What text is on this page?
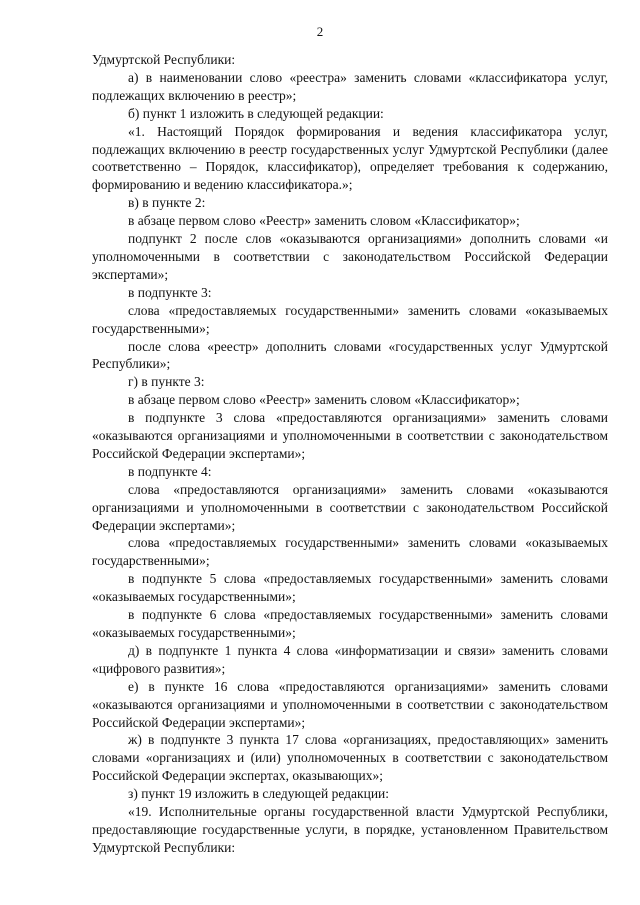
2

Удмуртской Республики:

а) в наименовании слово «реестра» заменить словами «классификатора услуг, подлежащих включению в реестр»;

б) пункт 1 изложить в следующей редакции:

«1. Настоящий Порядок формирования и ведения классификатора услуг, подлежащих включению в реестр государственных услуг Удмуртской Республики (далее соответственно – Порядок, классификатор), определяет требования к содержанию, формированию и ведению классификатора.»;

в) в пункте 2:

в абзаце первом слово «Реестр» заменить словом «Классификатор»;

подпункт 2 после слов «оказываются организациями» дополнить словами «и уполномоченными в соответствии с законодательством Российской Федерации экспертами»;

в подпункте 3:

слова «предоставляемых государственными» заменить словами «оказываемых государственными»;

после слова «реестр» дополнить словами «государственных услуг Удмуртской Республики»;

г) в пункте 3:

в абзаце первом слово «Реестр» заменить словом «Классификатор»;

в подпункте 3 слова «предоставляются организациями» заменить словами «оказываются организациями и уполномоченными в соответствии с законодательством Российской Федерации экспертами»;

в подпункте 4:

слова «предоставляются организациями» заменить словами «оказываются организациями и уполномоченными в соответствии с законодательством Российской Федерации экспертами»;

слова «предоставляемых государственными» заменить словами «оказываемых государственными»;

в подпункте 5 слова «предоставляемых государственными» заменить словами «оказываемых государственными»;

в подпункте 6 слова «предоставляемых государственными» заменить словами «оказываемых государственными»;

д) в подпункте 1 пункта 4 слова «информатизации и связи» заменить словами «цифрового развития»;

е) в пункте 16 слова «предоставляются организациями» заменить словами «оказываются организациями и уполномоченными в соответствии с законодательством Российской Федерации экспертами»;

ж) в подпункте 3 пункта 17 слова «организациях, предоставляющих» заменить словами «организациях и (или) уполномоченных в соответствии с законодательством Российской Федерации экспертах, оказывающих»;

з) пункт 19 изложить в следующей редакции:

«19. Исполнительные органы государственной власти Удмуртской Республики, предоставляющие государственные услуги, в порядке, установленном Правительством Удмуртской Республики:
